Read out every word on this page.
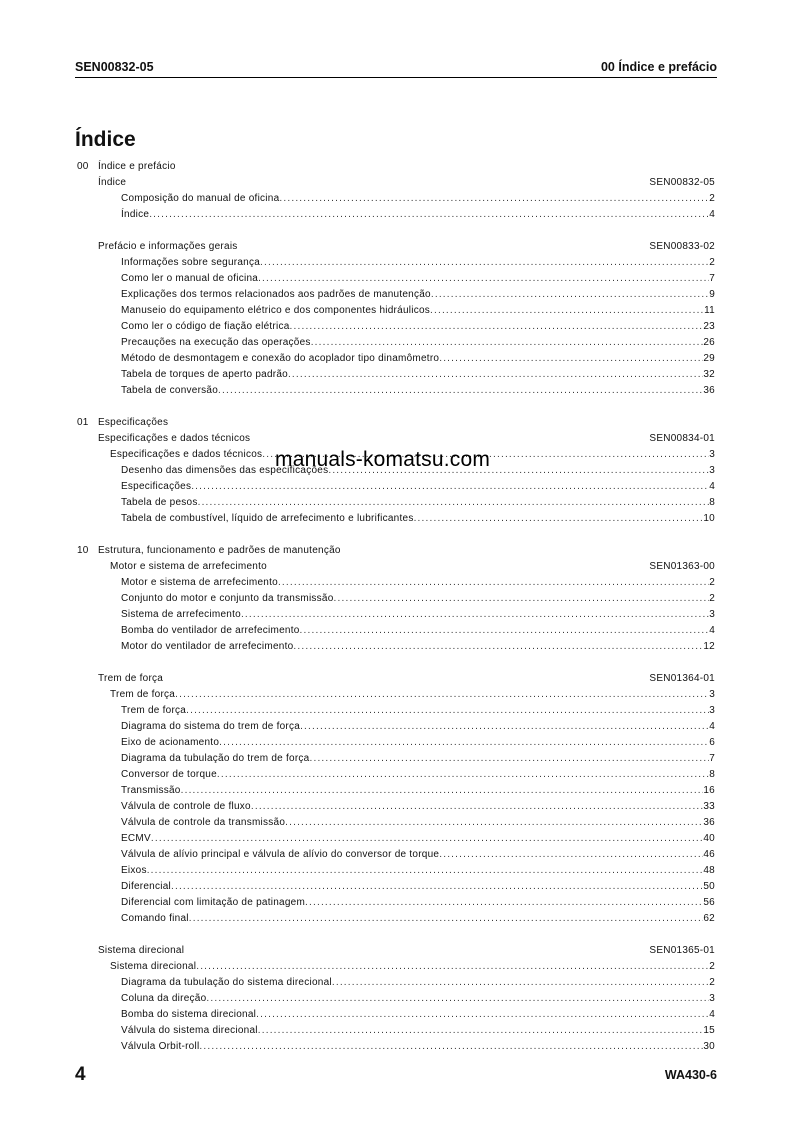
SEN00832-05	00 Índice e prefácio
Índice
00 Índice e prefácio
Índice	SEN00832-05
Composição do manual de oficina .....	2
Índice .....	4
Prefácio e informações gerais	SEN00833-02
Informações sobre segurança .....	2
Como ler o manual de oficina .....	7
Explicações dos termos relacionados aos padrões de manutenção .....	9
Manuseio do equipamento elétrico e dos componentes hidráulicos .....	11
Como ler o código de fiação elétrica .....	23
Precauções na execução das operações .....	26
Método de desmontagem e conexão do acoplador tipo dinamômetro .....	29
Tabela de torques de aperto padrão .....	32
Tabela de conversão .....	36
01 Especificações
Especificações e dados técnicos	SEN00834-01
Especificações e dados técnicos .....	3
Desenho das dimensões das especificações .....	3
Especificações .....	4
Tabela de pesos .....	8
Tabela de combustível, líquido de arrefecimento e lubrificantes .....	10
10 Estrutura, funcionamento e padrões de manutenção
Motor e sistema de arrefecimento	SEN01363-00
Motor e sistema de arrefecimento .....	2
Conjunto do motor e conjunto da transmissão .....	2
Sistema de arrefecimento .....	3
Bomba do ventilador de arrefecimento .....	4
Motor do ventilador de arrefecimento .....	12
Trem de força	SEN01364-01
Trem de força .....	3
Trem de força .....	3
Diagrama do sistema do trem de força .....	4
Eixo de acionamento .....	6
Diagrama da tubulação do trem de força .....	7
Conversor de torque .....	8
Transmissão .....	16
Válvula de controle de fluxo .....	33
Válvula de controle da transmissão .....	36
ECMV .....	40
Válvula de alívio principal e válvula de alívio do conversor de torque .....	46
Eixos .....	48
Diferencial .....	50
Diferencial com limitação de patinagem .....	56
Comando final .....	62
Sistema direcional	SEN01365-01
Sistema direcional .....	2
Diagrama da tubulação do sistema direcional .....	2
Coluna da direção .....	3
Bomba do sistema direcional .....	4
Válvula do sistema direcional .....	15
Válvula Orbit-roll .....	30
manuals-komatsu.com
4	WA430-6
